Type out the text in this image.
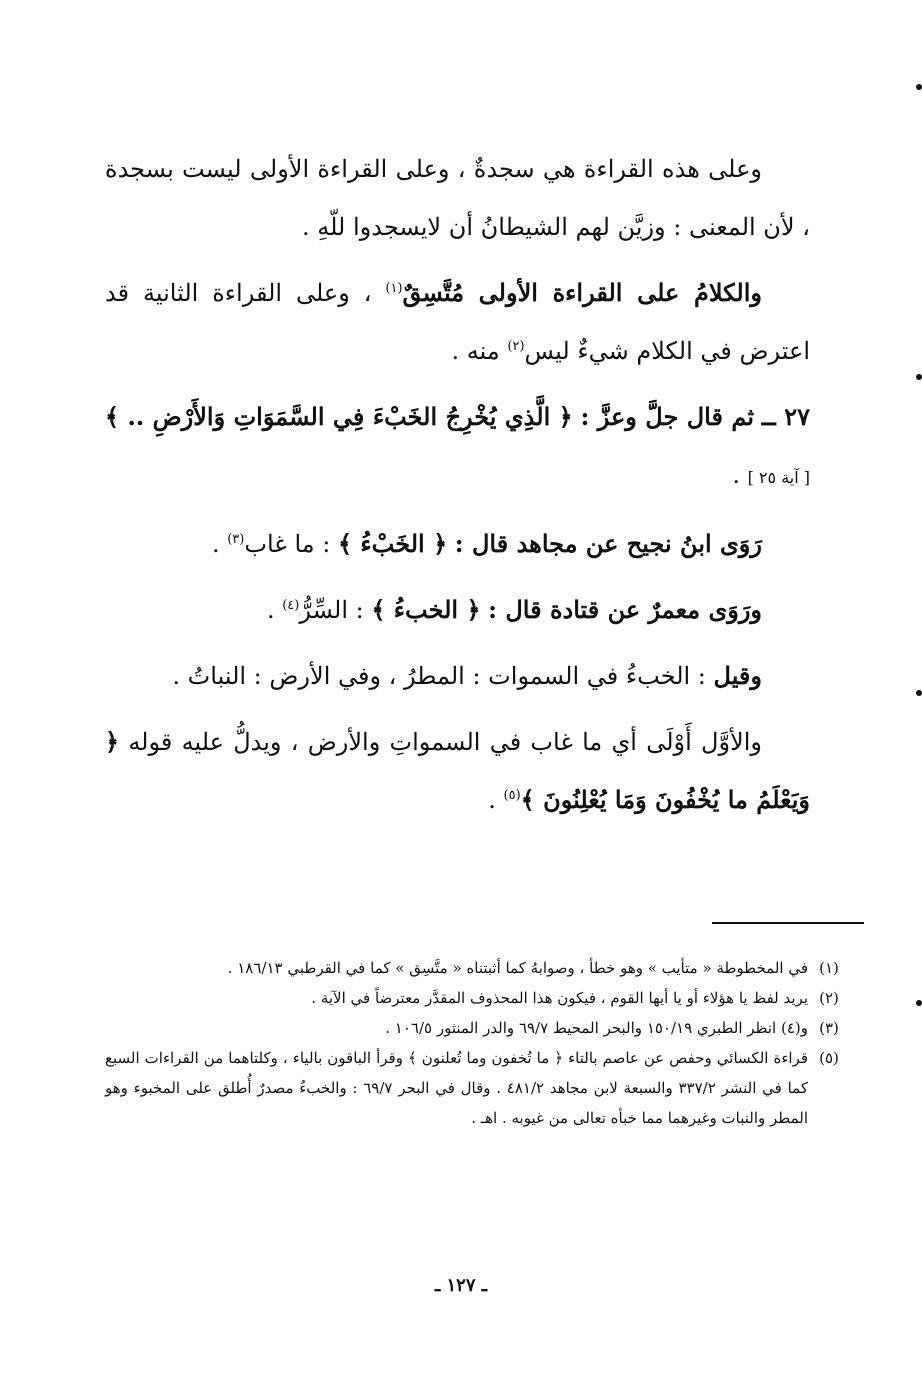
وعلى هذه القراءة هي سجدةٌ ، وعلى القراءة الأولى ليست بسجدة ، لأن المعنى : وزيَّن لهم الشيطانُ أن لايسجدوا للّهِ .

والكلامُ على القراءة الأولى مُتَّسِقٌ$^{(١)}$ ، وعلى القراءة الثانية قد اعترض في الكلام شيءٌ ليس$^{(٢)}$ منه .

٢٧ ــ ثم قال جلَّ وعزَّ : ﴿ الَّذِي يُخْرِجُ الخَبْءَ فِي السَّمَوَاتِ وَالأَرْضِ .. ﴾ [ آية ٢٥ ] .

رَوَى ابنُ نجيح عن مجاهد قال : ﴿ الخَبْءُ ﴾ : ما غاب$^{(٣)}$ .

ورَوَى معمرٌ عن قتادة قال : ﴿ الخبءُ ﴾ : السِّرُّ$^{(٤)}$ .

وقيل : الخبءُ في السموات : المطرُ ، وفي الأرض : النباتُ .

والأوَّل أَوْلَى أي ما غاب في السمواتِ والأرض ، ويدلُّ عليه قوله ﴿ وَيَعْلَمُ ما يُخْفُونَ وَمَا يُعْلِنُونَ ﴾$^{(٥)}$ .

(١)
في المخطوطة « متأيب » وهو خطأ ، وصوابهُ كما أثبتناه « متَّسِق » كما في القرطبي ١٨٦/١٣ .
(٢)
يريد لفظ يا هؤلاء أو يا أيها القوم ، فيكون هذا المحذوف المقدَّر معترضاً في الآية .
(٣)
و(٤) انظر الطبري ١٥٠/١٩ والبحر المحيط ٦٩/٧ والدر المنثور ١٠٦/٥ .
(٥)
قراءة الكسائي وحفص عن عاصم بالتاء ﴿ ما تُخفون وما تُعلنون ﴾ وقرأ الباقون بالياء ، وكلتاهما من القراءات السبع كما في النشر ٣٣٧/٢ والسبعة لابن مجاهد ٤٨١/٢ . وقال في البحر ٦٩/٧ : والخبءُ مصدرٌ أُطلق على المخبوء وهو المطر والنبات وغيرهما مما خبأه تعالى من غيوبه . اهـ .
ـ ١٢٧ ـ
